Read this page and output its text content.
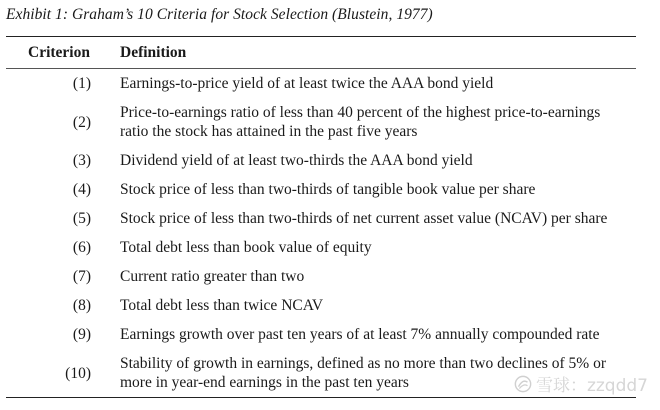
Exhibit 1: Graham’s 10 Criteria for Stock Selection (Blustein, 1977)
Criterion Definition
(1) Earnings-to-price yield of at least twice the AAA bond yield
(2)
Price-to-earnings ratio of less than 40 percent of the highest price-to-earnings ratio the stock has attained in the past five years
(3) Dividend yield of at least two-thirds the AAA bond yield
(4) Stock price of less than two-thirds of tangible book value per share
(5) Stock price of less than two-thirds of net current asset value (NCAV) per share
(6) Total debt less than book value of equity
(7) Current ratio greater than two
(8) Total debt less than twice NCAV
(9) Earnings growth over past ten years of at least 7% annually compounded rate
(10)
Stability of growth in earnings, defined as no more than two declines of 5% or more in year-end earnings in the past ten years	雪球：zzqdd7
